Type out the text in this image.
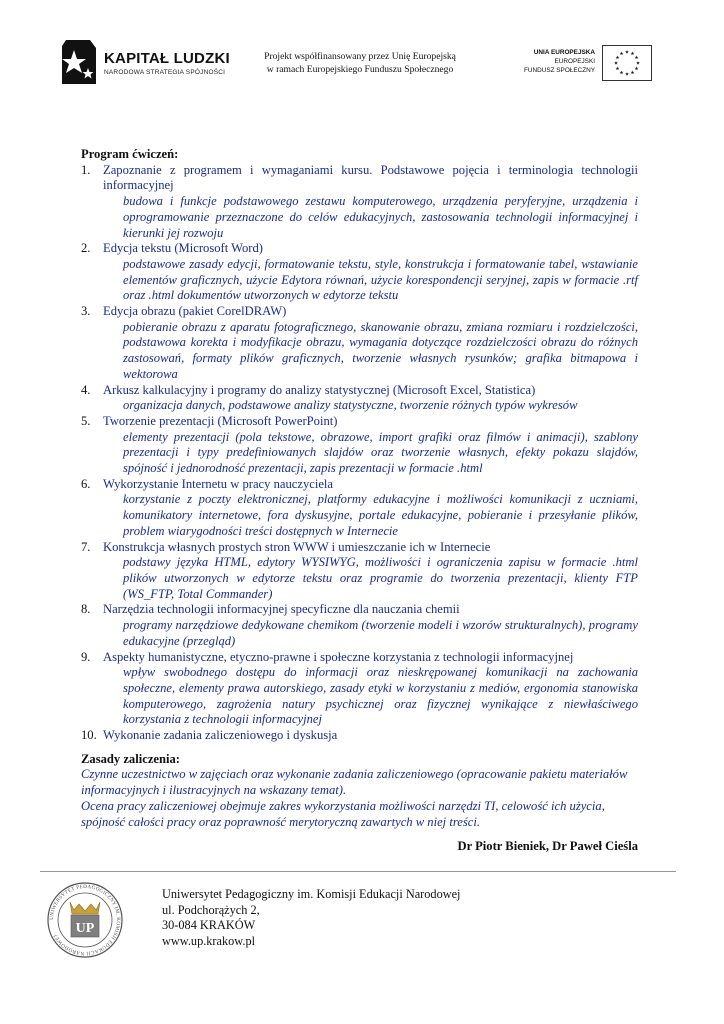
KAPITAŁ LUDZKI
NARODOWA STRATEGIA SPÓJNOŚCI
Projekt współfinansowany przez Unię Europejską
w ramach Europejskiego Funduszu Społecznego
UNIA EUROPEJSKA
EUROPEJSKI
FUNDUSZ SPOŁECZNY
Program ćwiczeń:
1. Zapoznanie z programem i wymaganiami kursu. Podstawowe pojęcia i terminologia technologii informacyjnej
budowa i funkcje podstawowego zestawu komputerowego, urządzenia peryferyjne, urządzenia i oprogramowanie przeznaczone do celów edukacyjnych, zastosowania technologii informacyjnej i kierunki jej rozwoju
2. Edycja tekstu (Microsoft Word)
podstawowe zasady edycji, formatowanie tekstu, style, konstrukcja i formatowanie tabel, wstawianie elementów graficznych, użycie Edytora równań, użycie korespondencji seryjnej, zapis w formacie .rtf oraz .html dokumentów utworzonych w edytorze tekstu
3. Edycja obrazu (pakiet CorelDRAW)
pobieranie obrazu z aparatu fotograficznego, skanowanie obrazu, zmiana rozmiaru i rozdzielczości, podstawowa korekta i modyfikacje obrazu, wymagania dotyczące rozdzielczości obrazu do różnych zastosowań, formaty plików graficznych, tworzenie własnych rysunków; grafika bitmapowa i wektorowa
4. Arkusz kalkulacyjny i programy do analizy statystycznej (Microsoft Excel, Statistica)
organizacja danych, podstawowe analizy statystyczne, tworzenie różnych typów wykresów
5. Tworzenie prezentacji (Microsoft PowerPoint)
elementy prezentacji (pola tekstowe, obrazowe, import grafiki oraz filmów i animacji), szablony prezentacji i typy predefiniowanych slajdów oraz tworzenie własnych, efekty pokazu slajdów, spójność i jednorodność prezentacji, zapis prezentacji w formacie .html
6. Wykorzystanie Internetu w pracy nauczyciela
korzystanie z poczty elektronicznej, platformy edukacyjne i możliwości komunikacji z uczniami, komunikatory internetowe, fora dyskusyjne, portale edukacyjne, pobieranie i przesyłanie plików, problem wiarygodności treści dostępnych w Internecie
7. Konstrukcja własnych prostych stron WWW i umieszczanie ich w Internecie
podstawy języka HTML, edytory WYSIWYG, możliwości i ograniczenia zapisu w formacie .html plików utworzonych w edytorze tekstu oraz programie do tworzenia prezentacji, klienty FTP (WS_FTP, Total Commander)
8. Narzędzia technologii informacyjnej specyficzne dla nauczania chemii
programy narzędziowe dedykowane chemikom (tworzenie modeli i wzorów strukturalnych), programy edukacyjne (przegląd)
9. Aspekty humanistyczne, etyczno-prawne i społeczne korzystania z technologii informacyjnej
wpływ swobodnego dostępu do informacji oraz nieskrępowanej komunikacji na zachowania społeczne, elementy prawa autorskiego, zasady etyki w korzystaniu z mediów, ergonomia stanowiska komputerowego, zagrożenia natury psychicznej oraz fizycznej wynikające z niewłaściwego korzystania z technologii informacyjnej
10. Wykonanie zadania zaliczeniowego i dyskusja
Zasady zaliczenia:
Czynne uczestnictwo w zajęciach oraz wykonanie zadania zaliczeniowego (opracowanie pakietu materiałów informacyjnych i ilustracyjnych na wskazany temat).
Ocena pracy zaliczeniowej obejmuje zakres wykorzystania możliwości narzędzi TI, celowość ich użycia, spójność całości pracy oraz poprawność merytoryczną zawartych w niej treści.
Dr Piotr Bieniek, Dr Paweł Cieśla
UNIWERSYTET PEDAGOGICZNY IM. KOMISJI EDUKACJI NARODOWEJ	UP
Uniwersytet Pedagogiczny im. Komisji Edukacji Narodowej
ul. Podchorążych 2,
30-084 KRAKÓW
www.up.krakow.pl
